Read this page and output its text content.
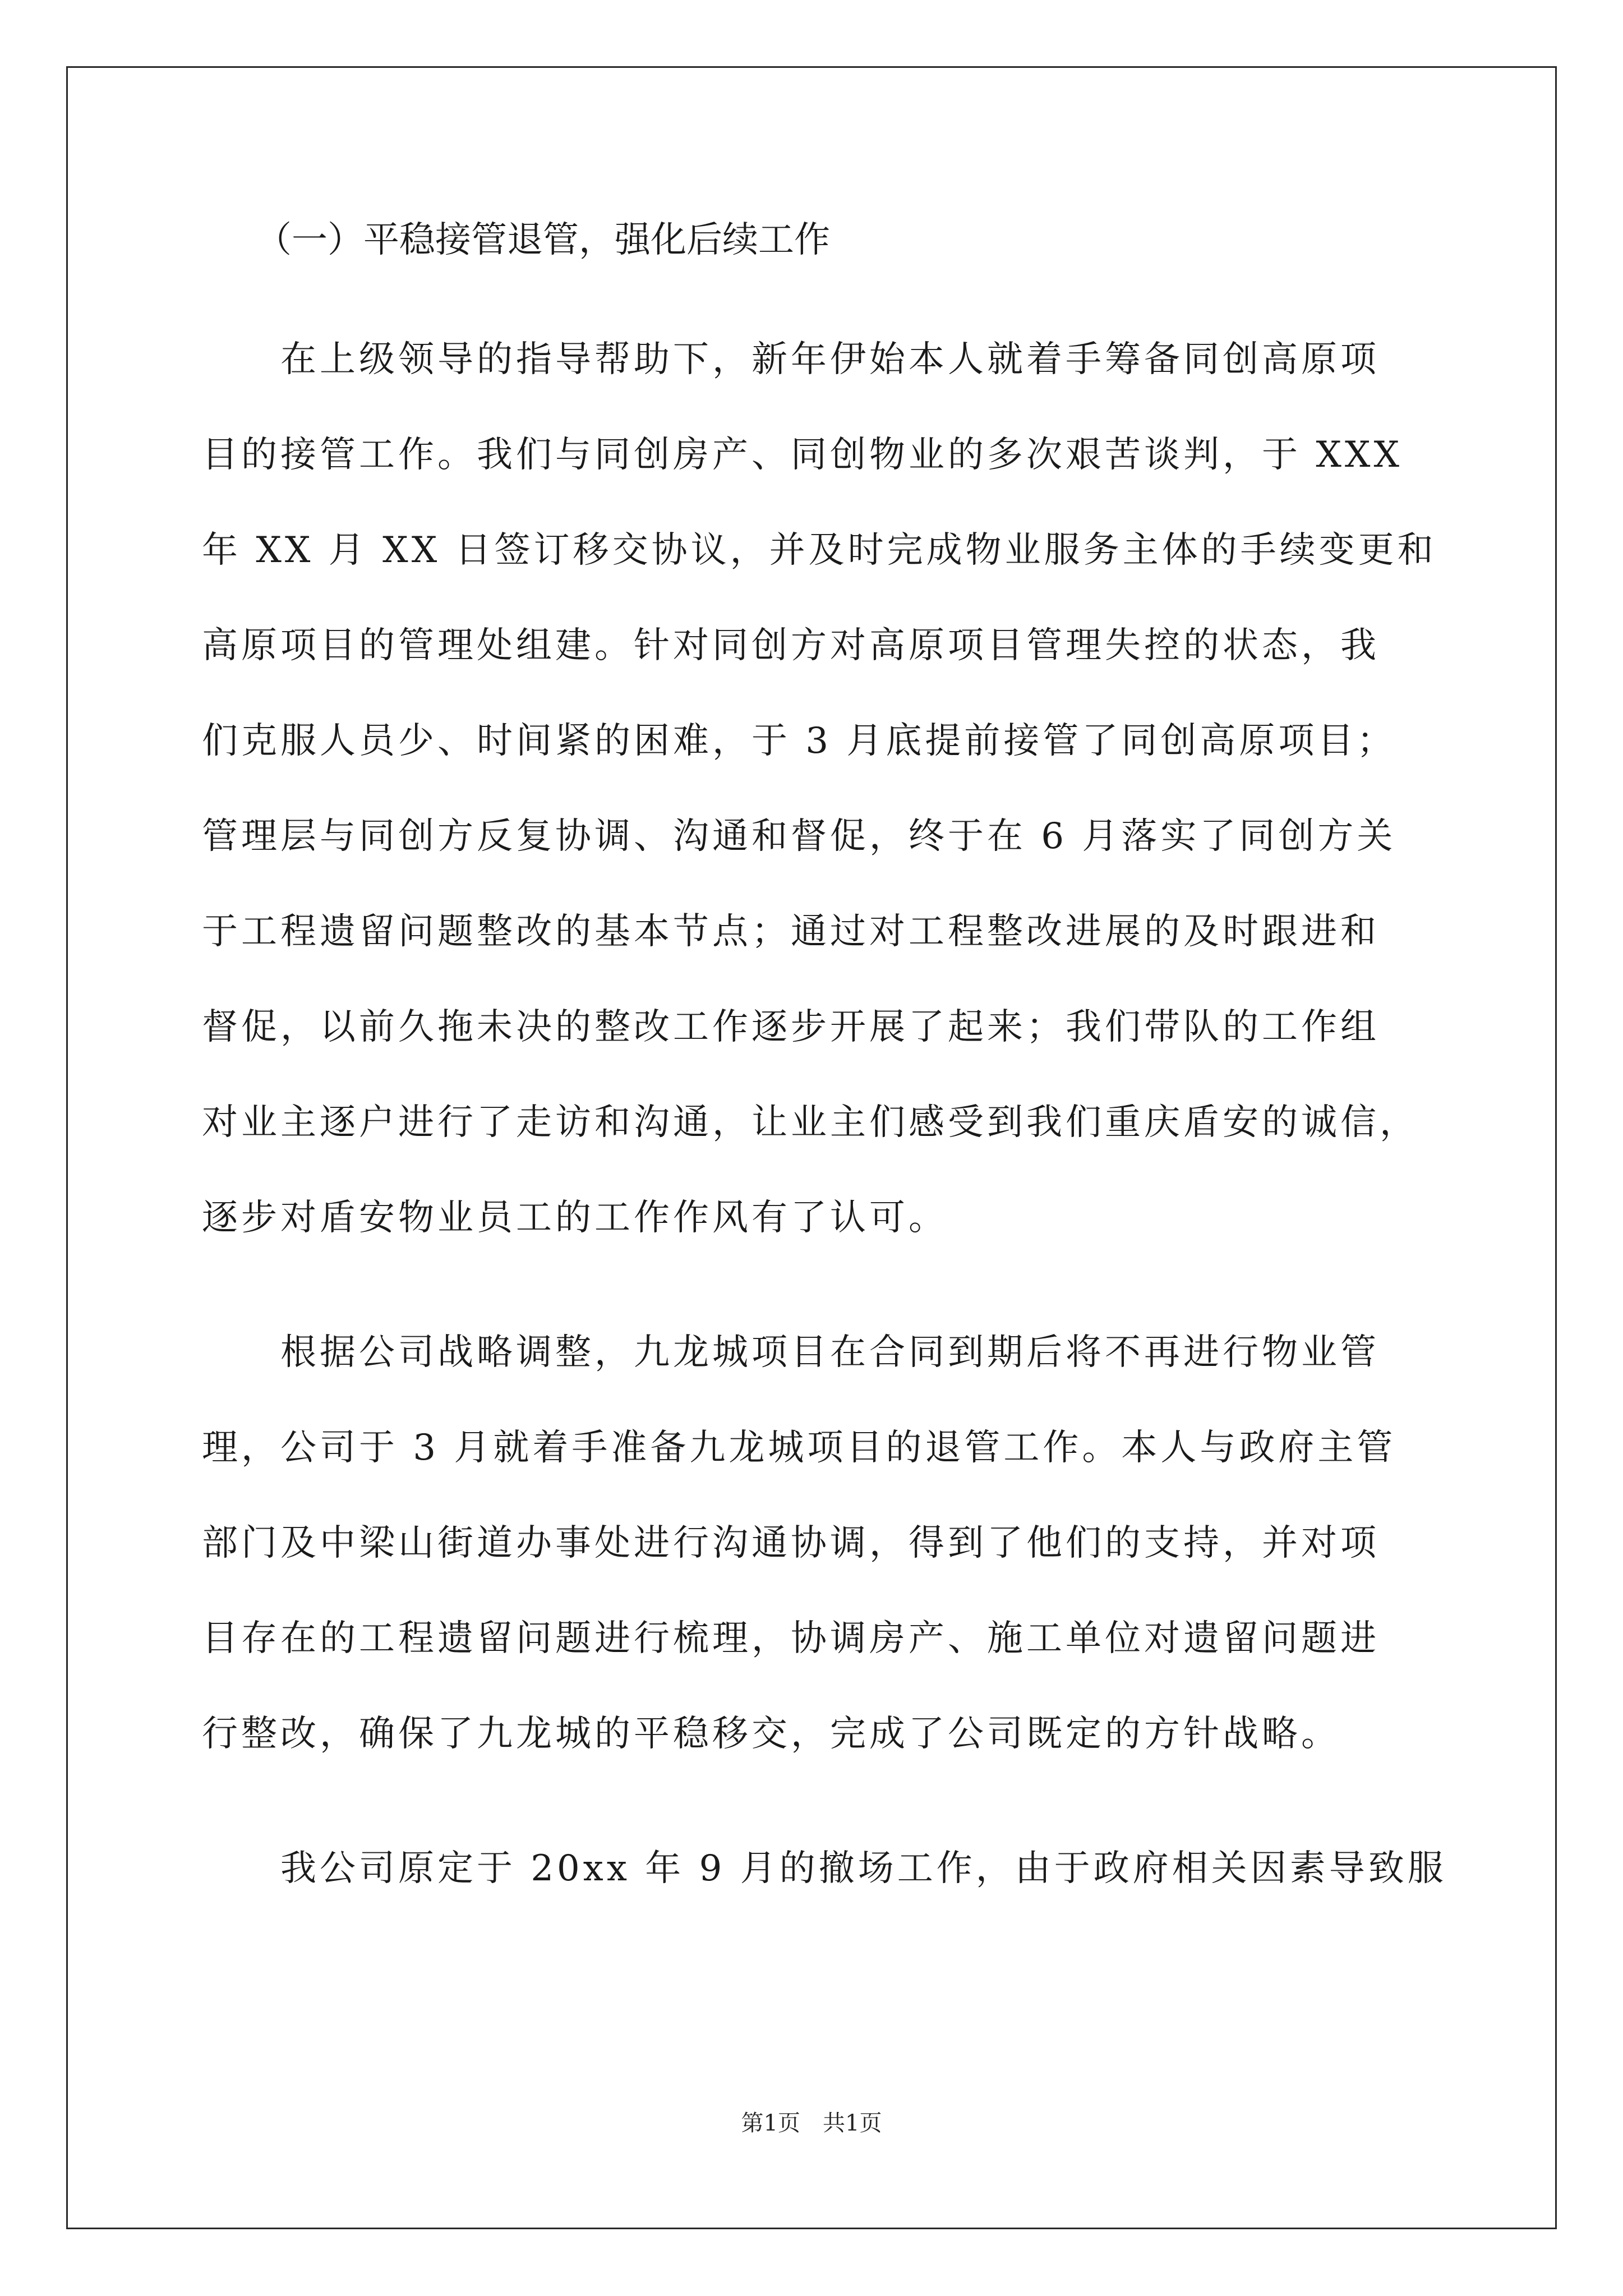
（一）平稳接管退管，强化后续工作
在上级领导的指导帮助下，新年伊始本人就着手筹备同创高原项
目的接管工作。我们与同创房产、同创物业的多次艰苦谈判，于 XXX
年 XX 月 XX 日签订移交协议，并及时完成物业服务主体的手续变更和
高原项目的管理处组建。针对同创方对高原项目管理失控的状态，我
们克服人员少、时间紧的困难，于 3 月底提前接管了同创高原项目；
管理层与同创方反复协调、沟通和督促，终于在 6 月落实了同创方关
于工程遗留问题整改的基本节点；通过对工程整改进展的及时跟进和
督促，以前久拖未决的整改工作逐步开展了起来；我们带队的工作组
对业主逐户进行了走访和沟通，让业主们感受到我们重庆盾安的诚信，
逐步对盾安物业员工的工作作风有了认可。
根据公司战略调整，九龙城项目在合同到期后将不再进行物业管
理，公司于 3 月就着手准备九龙城项目的退管工作。本人与政府主管
部门及中梁山街道办事处进行沟通协调，得到了他们的支持，并对项
目存在的工程遗留问题进行梳理，协调房产、施工单位对遗留问题进
行整改，确保了九龙城的平稳移交，完成了公司既定的方针战略。
我公司原定于 20xx 年 9 月的撤场工作，由于政府相关因素导致服
第1页　共1页
